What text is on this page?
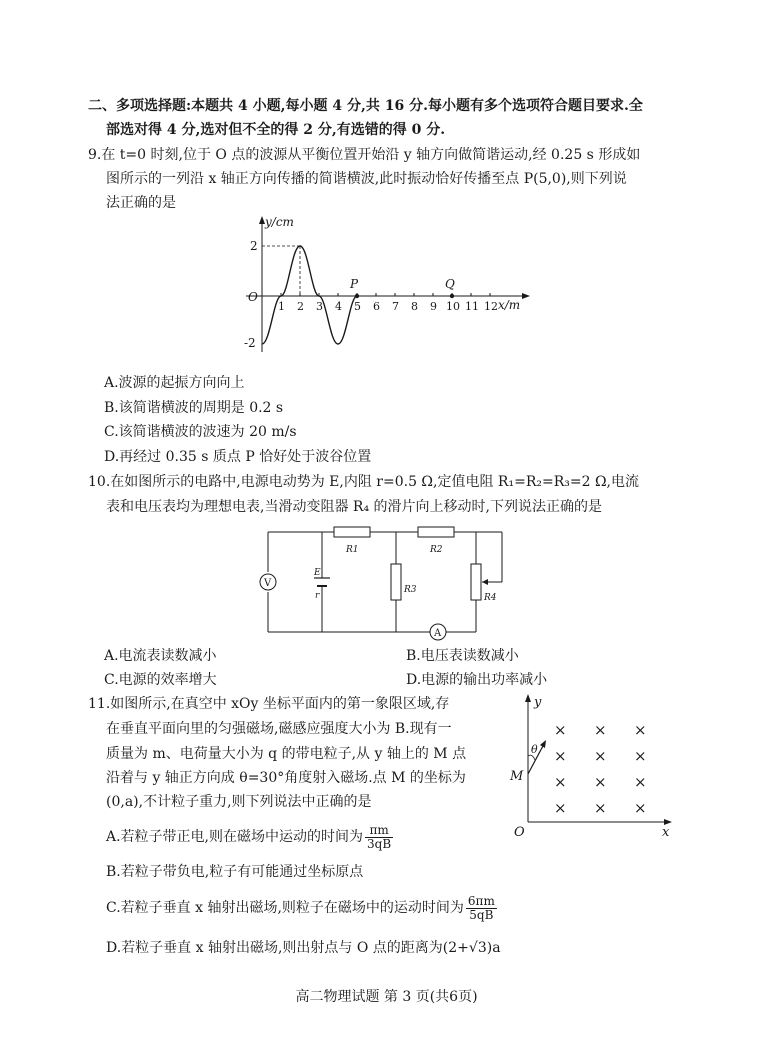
二、多项选择题:本题共 4 小题,每小题 4 分,共 16 分.每小题有多个选项符合题目要求.全
部选对得 4 分,选对但不全的得 2 分,有选错的得 0 分.
9.在 t=0 时刻,位于 O 点的波源从平衡位置开始沿 y 轴方向做简谐运动,经 0.25 s 形成如
图所示的一列沿 x 轴正方向传播的简谐横波,此时振动恰好传播至点 P(5,0),则下列说
法正确的是
y/cm
x/m
O
2
-2
1 2 3 4 5 6 7 8 9 10 11 12
P	Q
A.波源的起振方向向上
B.该简谐横波的周期是 0.2 s
C.该简谐横波的波速为 20 m/s
D.再经过 0.35 s 质点 P 恰好处于波谷位置
10.在如图所示的电路中,电源电动势为 E,内阻 r=0.5 Ω,定值电阻 R₁=R₂=R₃=2 Ω,电流
表和电压表均为理想电表,当滑动变阻器 R₄ 的滑片向上移动时,下列说法正确的是
V
A
R1	R2
R3
R4
E
r
A.电流表读数减小	B.电压表读数减小
C.电源的效率增大	D.电源的输出功率减小
11.如图所示,在真空中 xOy 坐标平面内的第一象限区域,存
在垂直平面向里的匀强磁场,磁感应强度大小为 B.现有一
质量为 m、电荷量大小为 q 的带电粒子,从 y 轴上的 M 点
沿着与 y 轴正方向成 θ=30°角度射入磁场.点 M 的坐标为
(0,a),不计粒子重力,则下列说法中正确的是
A.若粒子带正电,则在磁场中运动的时间为 $\frac{\pi m}{3qB}$
B.若粒子带负电,粒子有可能通过坐标原点
C.若粒子垂直 x 轴射出磁场,则粒子在磁场中的运动时间为 $\frac{6\pi m}{5qB}$
D.若粒子垂直 x 轴射出磁场,则出射点与 O 点的距离为(2+√3)a
y
x
O
M
θ
× × ×
× × ×
× × ×
× × ×
高二物理试题 第 3 页(共6页)
